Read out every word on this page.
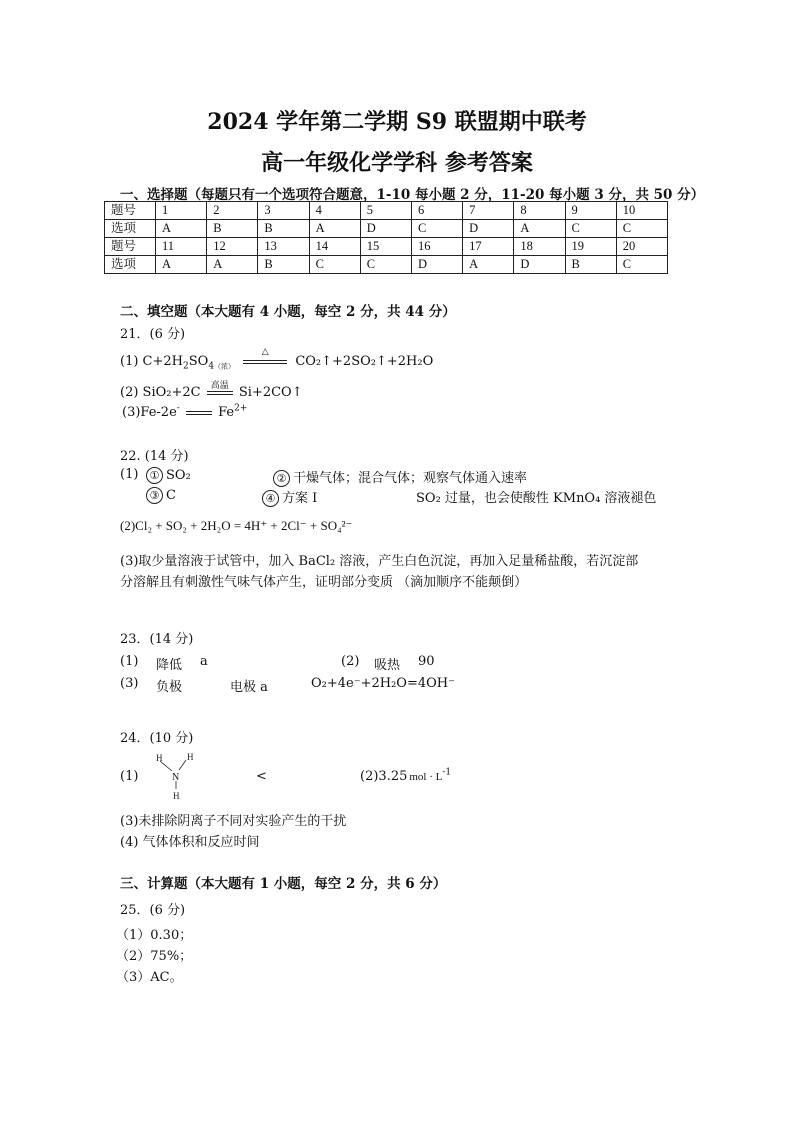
2024 学年第二学期 S9 联盟期中联考
高一年级化学学科 参考答案
一、选择题（每题只有一个选项符合题意，1-10 每小题 2 分，11-20 每小题 3 分，共 50 分）
题号	1	2	3	4	5	6	7	8	9	10
选项	A	B	B	A	D	C	D	A	C	C
题号	11	12	13	14	15	16	17	18	19	20
选项	A	A	B	C	C	D	A	D	B	C
二、填空题（本大题有 4 小题，每空 2 分，共 44 分）
21．(6 分)
(1) $C+2H_2SO_{4(浓)}$
△
CO₂↑+2SO₂↑+2H₂O
(2) SiO₂+2C	高温 Si+2CO↑
(3)Fe-2e-	$Fe^{2+}$
22. (14 分)
(1)	① SO₂	② 干燥气体；混合气体；观察气体通入速率
③ C	④ 方案 I	SO₂ 过量，也会使酸性 KMnO₄ 溶液褪色
(2)Cl₂ + SO₂ + 2H₂O = 4H⁺ + 2Cl⁻ + SO₄²⁻
(3)取少量溶液于试管中，加入 BaCl₂ 溶液，产生白色沉淀，再加入足量稀盐酸，若沉淀部
分溶解且有刺激性气味气体产生，证明部分变质 （滴加顺序不能颠倒）
23．(14 分)
(1) 降低 a	(2) 吸热 90
(3) 负极	电极 a	O₂+4e⁻+2H₂O=4OH⁻
24．(10 分)
(1)
H	H
N
H
<	(2)3.25 mol · $L^{-1}$
(3)未排除阴离子不同对实验产生的干扰
(4) 气体体积和反应时间
三、计算题（本大题有 1 小题，每空 2 分，共 6 分）
25．(6 分)
（1）0.30；
（2）75%；
（3）AC。
